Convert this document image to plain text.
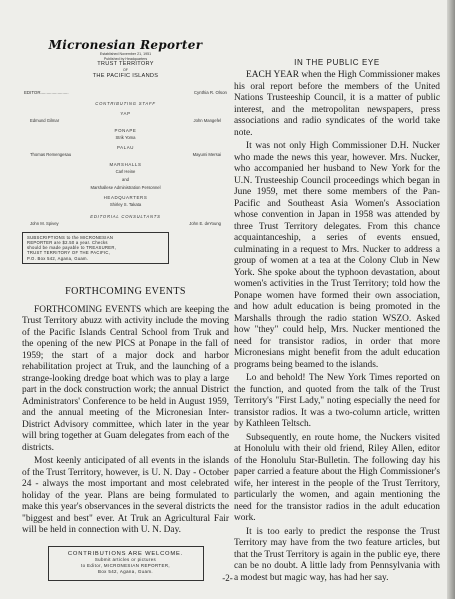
Micronesian Reporter
Established November 21, 1951
Published by Headquarters
TRUST TERRITORY
OF
THE PACIFIC ISLANDS
EDITOR.......................	Cynthia R. Olson
CONTRIBUTING STAFF
YAP
Edmund Gilmar	John Mangefel
PONAPE
Strik Yoma
PALAU
Thomas Remengesau	Mayumi Mersai
MARSHALLS
Carl Heine
and
Marshallese Administration Personnel
HEADQUARTERS
Shirley S. Takata
EDITORIAL CONSULTANTS
John M. Spivey	John E. deYoung
SUBSCRIPTIONS to the MICRONESIAN
REPORTER are $2.50 a year. Checks
should be made payable to TREASURER,
TRUST TERRITORY OF THE PACIFIC,
P.O. Box 542, Agana, Guam.
FORTHCOMING EVENTS

FORTHCOMING EVENTS which are keeping the Trust Territory abuzz with activity include the moving of the Pacific Islands Central School from Truk and the opening of the new PICS at Ponape in the fall of 1959; the start of a major dock and harbor rehabilitation project at Truk, and the launching of a strange-looking dredge boat which was to play a large part in the dock construction work; the annual District Administrators' Conference to be held in August 1959, and the annual meeting of the Micronesian Inter-District Advisory committee, which later in the year will bring together at Guam delegates from each of the districts.

Most keenly anticipated of all events in the islands of the Trust Territory, however, is U. N. Day - October 24 - always the most important and most celebrated holiday of the year. Plans are being formulated to make this year's observances in the several districts the "biggest and best" ever. At Truk an Agricultural Fair will be held in connection with U. N. Day.

CONTRIBUTIONS ARE WELCOME.
Submit articles or pictures
to Editor, MICRONESIAN REPORTER,
Box 542, Agana, Guam.
IN THE PUBLIC EYE

EACH YEAR when the High Commissioner makes his oral report before the members of the United Nations Trusteeship Council, it is a matter of public interest, and the metropolitan newspapers, press associations and radio syndicates of the world take note.

It was not only High Commissioner D.H. Nucker who made the news this year, however. Mrs. Nucker, who accompanied her husband to New York for the U.N. Trusteeship Council proceedings which began in June 1959, met there some members of the Pan-Pacific and Southeast Asia Women's Association whose convention in Japan in 1958 was attended by three Trust Territory delegates. From this chance acquaintanceship, a series of events ensued, culminating in a request to Mrs. Nucker to address a group of women at a tea at the Colony Club in New York. She spoke about the typhoon devastation, about women's activities in the Trust Territory; told how the Ponape women have formed their own association, and how adult education is being promoted in the Marshalls through the radio station WSZO. Asked how "they" could help, Mrs. Nucker mentioned the need for transistor radios, in order that more Micronesians might benefit from the adult education programs being beamed to the islands.

Lo and behold! The New York Times reported on the function, and quoted from the talk of the Trust Territory's "First Lady," noting especially the need for transistor radios. It was a two-column article, written by Kathleen Teltsch.

Subsequently, en route home, the Nuckers visited at Honolulu with their old friend, Riley Allen, editor of the Honolulu Star-Bulletin. The following day his paper carried a feature about the High Commissioner's wife, her interest in the people of the Trust Territory, particularly the women, and again mentioning the need for the transistor radios in the adult education work.

It is too early to predict the response the Trust Territory may have from the two feature articles, but that the Trust Territory is again in the public eye, there can be no doubt. A little lady from Pennsylvania with a modest but magic way, has had her say.

-2-
